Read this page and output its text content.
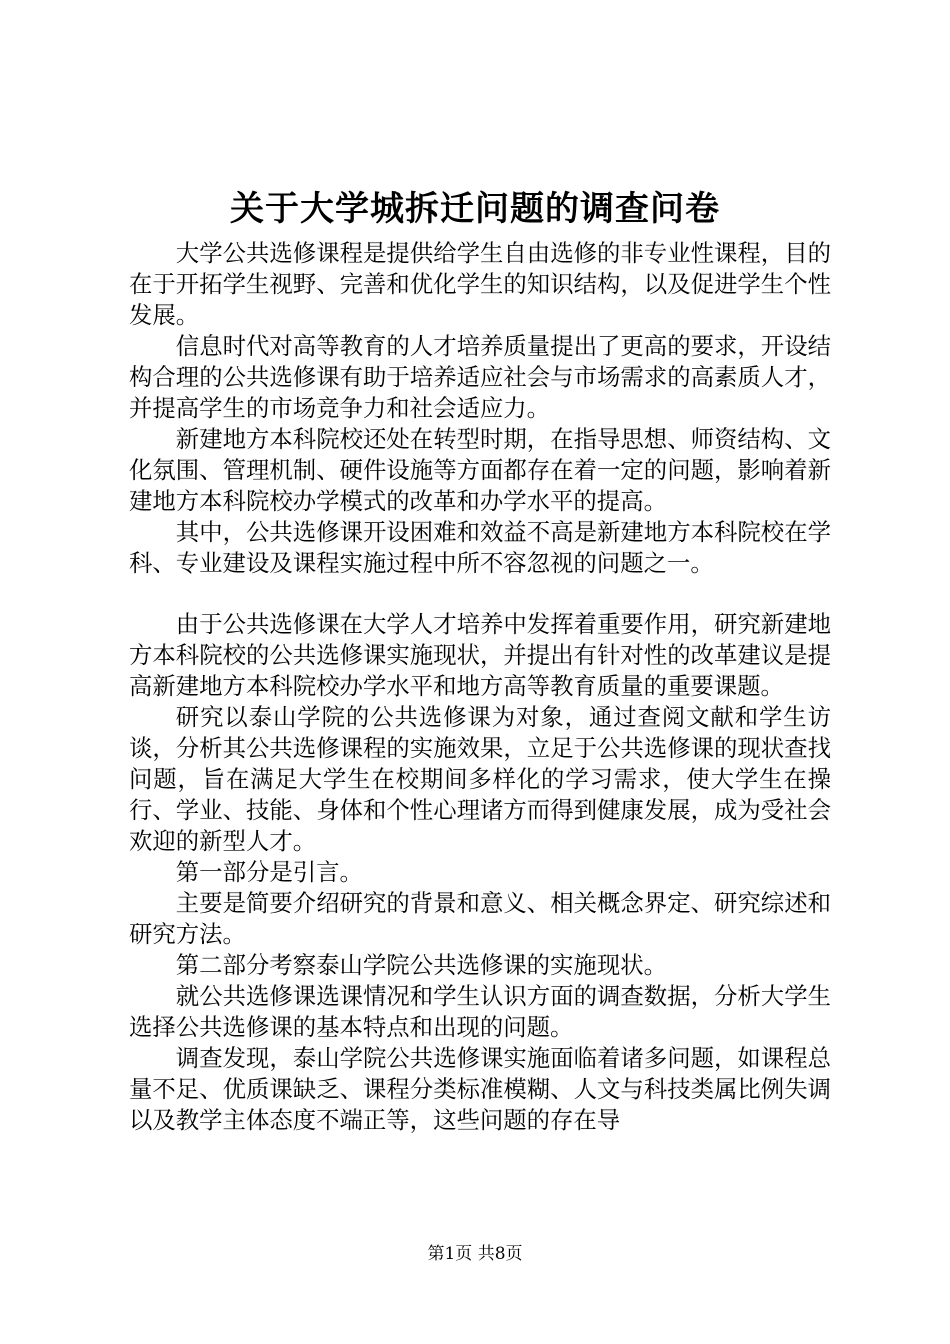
关于大学城拆迁问题的调查问卷

大学公共选修课程是提供给学生自由选修的非专业性课程，目的在于开拓学生视野、完善和优化学生的知识结构，以及促进学生个性发展。

信息时代对高等教育的人才培养质量提出了更高的要求，开设结构合理的公共选修课有助于培养适应社会与市场需求的高素质人才，并提高学生的市场竞争力和社会适应力。

新建地方本科院校还处在转型时期，在指导思想、师资结构、文化氛围、管理机制、硬件设施等方面都存在着一定的问题，影响着新建地方本科院校办学模式的改革和办学水平的提高。

其中，公共选修课开设困难和效益不高是新建地方本科院校在学科、专业建设及课程实施过程中所不容忽视的问题之一。

由于公共选修课在大学人才培养中发挥着重要作用，研究新建地方本科院校的公共选修课实施现状，并提出有针对性的改革建议是提高新建地方本科院校办学水平和地方高等教育质量的重要课题。

研究以泰山学院的公共选修课为对象，通过查阅文献和学生访谈，分析其公共选修课程的实施效果，立足于公共选修课的现状查找问题，旨在满足大学生在校期间多样化的学习需求，使大学生在操行、学业、技能、身体和个性心理诸方而得到健康发展，成为受社会欢迎的新型人才。

第一部分是引言。

主要是简要介绍研究的背景和意义、相关概念界定、研究综述和研究方法。

第二部分考察泰山学院公共选修课的实施现状。

就公共选修课选课情况和学生认识方面的调查数据，分析大学生选择公共选修课的基本特点和出现的问题。

调查发现，泰山学院公共选修课实施面临着诸多问题，如课程总量不足、优质课缺乏、课程分类标准模糊、人文与科技类属比例失调以及教学主体态度不端正等，这些问题的存在导

第1页 共8页
